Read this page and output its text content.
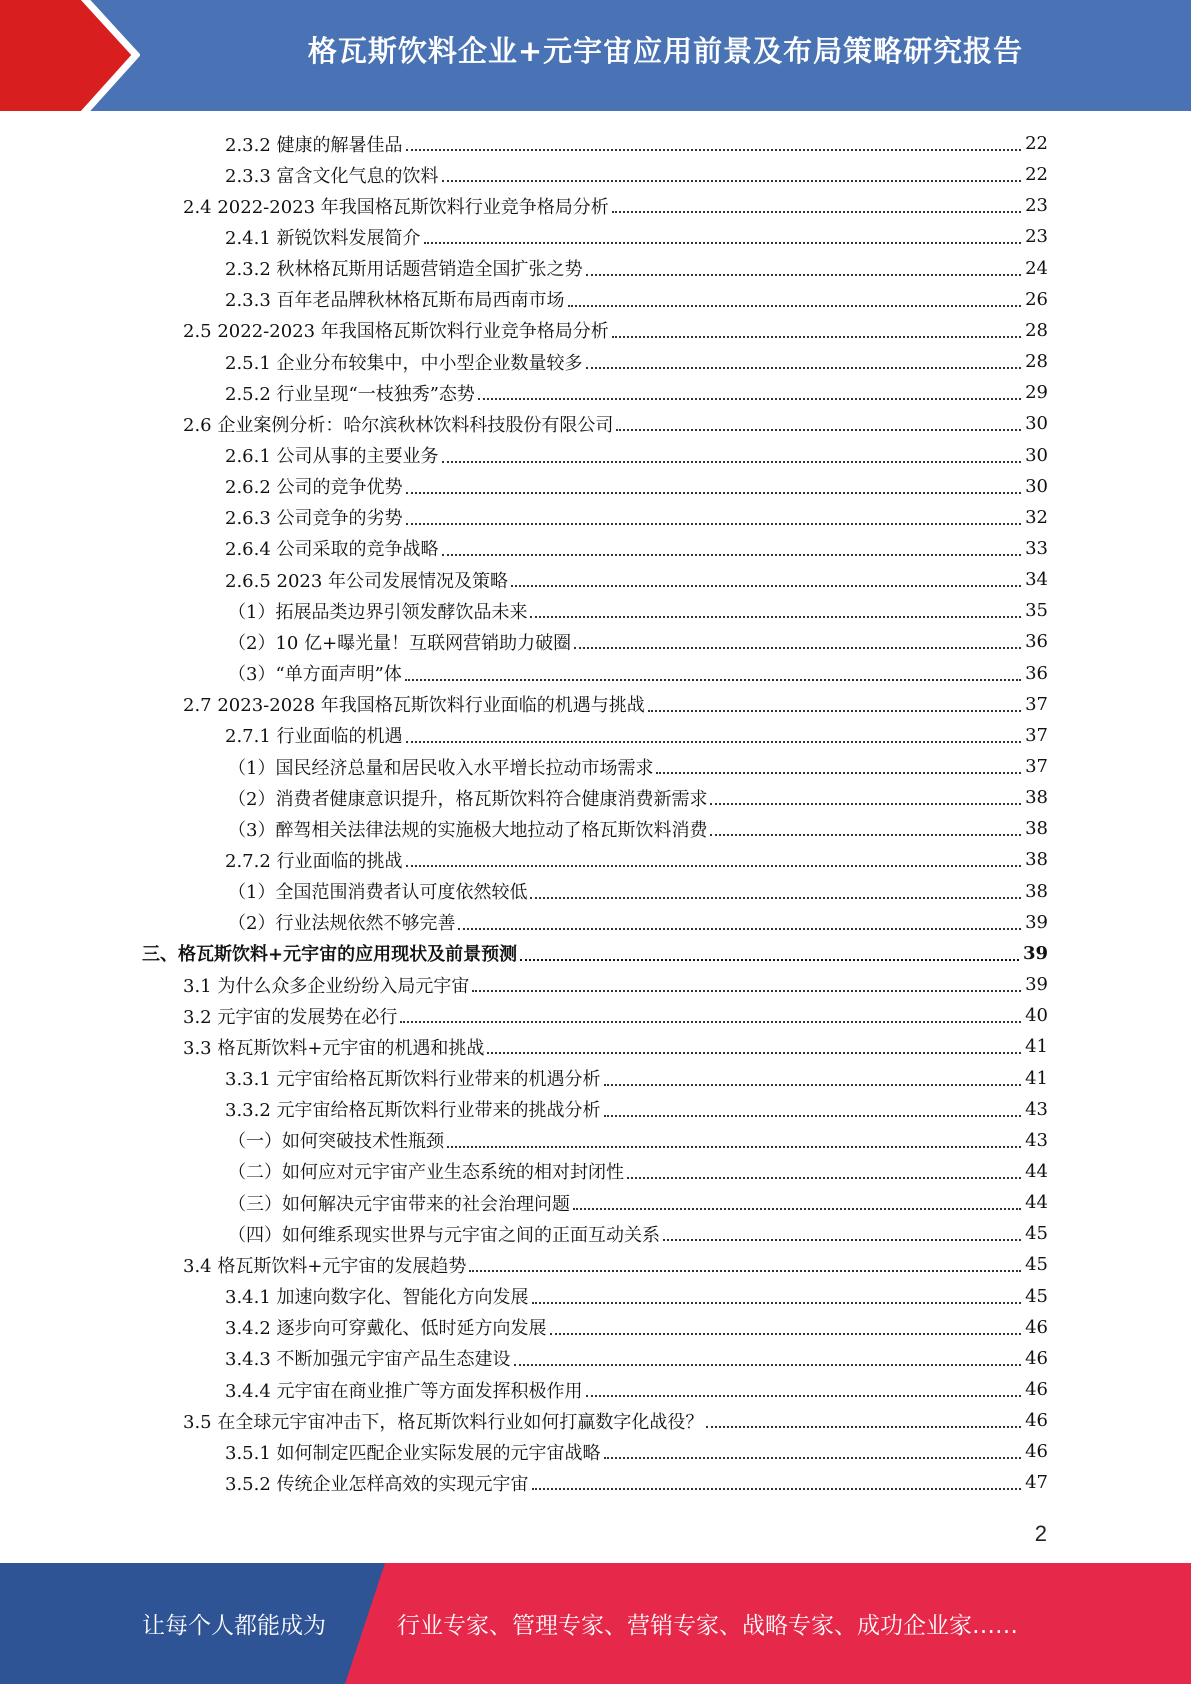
格瓦斯饮料企业+元宇宙应用前景及布局策略研究报告
2.3.2 健康的解暑佳品	22
2.3.3 富含文化气息的饮料	22
2.4 2022-2023 年我国格瓦斯饮料行业竞争格局分析	23
2.4.1 新锐饮料发展简介	23
2.3.2 秋林格瓦斯用话题营销造全国扩张之势	24
2.3.3 百年老品牌秋林格瓦斯布局西南市场	26
2.5 2022-2023 年我国格瓦斯饮料行业竞争格局分析	28
2.5.1 企业分布较集中，中小型企业数量较多	28
2.5.2 行业呈现“一枝独秀”态势	29
2.6 企业案例分析：哈尔滨秋林饮料科技股份有限公司	30
2.6.1 公司从事的主要业务	30
2.6.2 公司的竞争优势	30
2.6.3 公司竞争的劣势	32
2.6.4 公司采取的竞争战略	33
2.6.5 2023 年公司发展情况及策略	34
（1）拓展品类边界引领发酵饮品未来	35
（2）10 亿+曝光量！互联网营销助力破圈	36
（3）“单方面声明”体	36
2.7 2023-2028 年我国格瓦斯饮料行业面临的机遇与挑战	37
2.7.1 行业面临的机遇	37
（1）国民经济总量和居民收入水平增长拉动市场需求	37
（2）消费者健康意识提升，格瓦斯饮料符合健康消费新需求	38
（3）醉驾相关法律法规的实施极大地拉动了格瓦斯饮料消费	38
2.7.2 行业面临的挑战	38
（1）全国范围消费者认可度依然较低	38
（2）行业法规依然不够完善	39
三、格瓦斯饮料+元宇宙的应用现状及前景预测	39
3.1 为什么众多企业纷纷入局元宇宙	39
3.2 元宇宙的发展势在必行	40
3.3 格瓦斯饮料+元宇宙的机遇和挑战	41
3.3.1 元宇宙给格瓦斯饮料行业带来的机遇分析	41
3.3.2 元宇宙给格瓦斯饮料行业带来的挑战分析	43
（一）如何突破技术性瓶颈	43
（二）如何应对元宇宙产业生态系统的相对封闭性	44
（三）如何解决元宇宙带来的社会治理问题	44
（四）如何维系现实世界与元宇宙之间的正面互动关系	45
3.4 格瓦斯饮料+元宇宙的发展趋势	45
3.4.1 加速向数字化、智能化方向发展	45
3.4.2 逐步向可穿戴化、低时延方向发展	46
3.4.3 不断加强元宇宙产品生态建设	46
3.4.4 元宇宙在商业推广等方面发挥积极作用	46
3.5 在全球元宇宙冲击下，格瓦斯饮料行业如何打赢数字化战役？	46
3.5.1 如何制定匹配企业实际发展的元宇宙战略	46
3.5.2 传统企业怎样高效的实现元宇宙	47
2
让每个人都能成为	行业专家、管理专家、营销专家、战略专家、成功企业家……
